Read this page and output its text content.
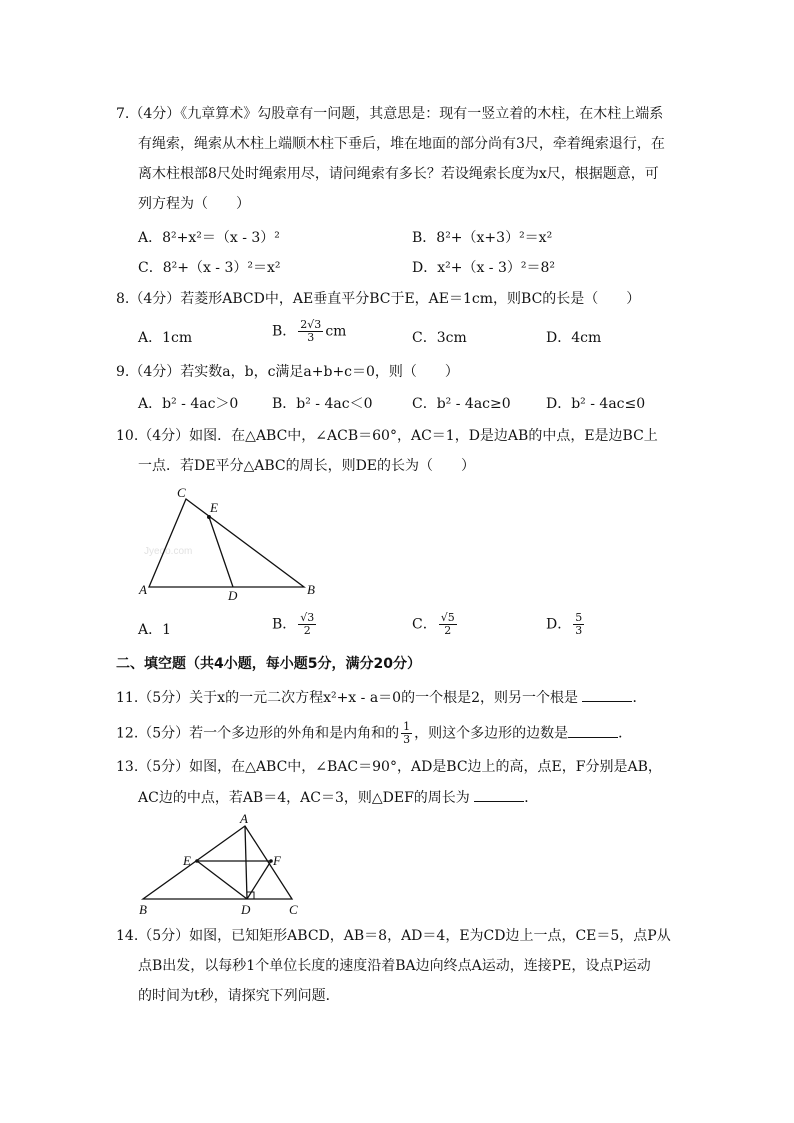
7.（4分）《九章算术》勾股章有一问题，其意思是：现有一竖立着的木柱，在木柱上端系
有绳索，绳索从木柱上端顺木柱下垂后，堆在地面的部分尚有3尺，牵着绳索退行，在
离木柱根部8尺处时绳索用尽，请问绳索有多长？若设绳索长度为x尺，根据题意，可
列方程为（　　）
A．8²+x²＝（x - 3）²	B．8²+（x+3）²＝x²
C．8²+（x - 3）²＝x²	D．x²+（x - 3）²＝8²
8.（4分）若菱形ABCD中，AE垂直平分BC于E，AE＝1cm，则BC的长是（　　）
A．1cm	B． $\frac{2√3}{3}$ cm	C．3cm	D．4cm
9.（4分）若实数a，b，c满足a+b+c＝0，则（　　）
A．b² - 4ac＞0 B．b² - 4ac＜0	C．b² - 4ac≥0	D．b² - 4ac≤0
10.（4分）如图．在△ABC中，∠ACB＝60°，AC＝1，D是边AB的中点，E是边BC上
一点．若DE平分△ABC的周长，则DE的长为（　　）
Jyeoo.com
C
E
A	D	B
A．1	B． $\frac{√3}{2}$	C． $\frac{√5}{2}$	D． $\frac{5}{3}$
二、填空题（共4小题，每小题5分，满分20分）
11.（5分）关于x的一元二次方程x²+x - a＝0的一个根是2，则另一个根是	．
12.（5分）若一个多边形的外角和是内角和的 $\frac{1}{3}$ ，则这个多边形的边数是	．
13.（5分）如图，在△ABC中，∠BAC＝90°，AD是BC边上的高，点E，F分别是AB，
AC边的中点，若AB＝4，AC＝3，则△DEF的周长为	．
A
E	F
B	D	C
14.（5分）如图，已知矩形ABCD，AB＝8，AD＝4，E为CD边上一点，CE＝5，点P从
点B出发，以每秒1个单位长度的速度沿着BA边向终点A运动，连接PE，设点P运动
的时间为t秒，请探究下列问题．
